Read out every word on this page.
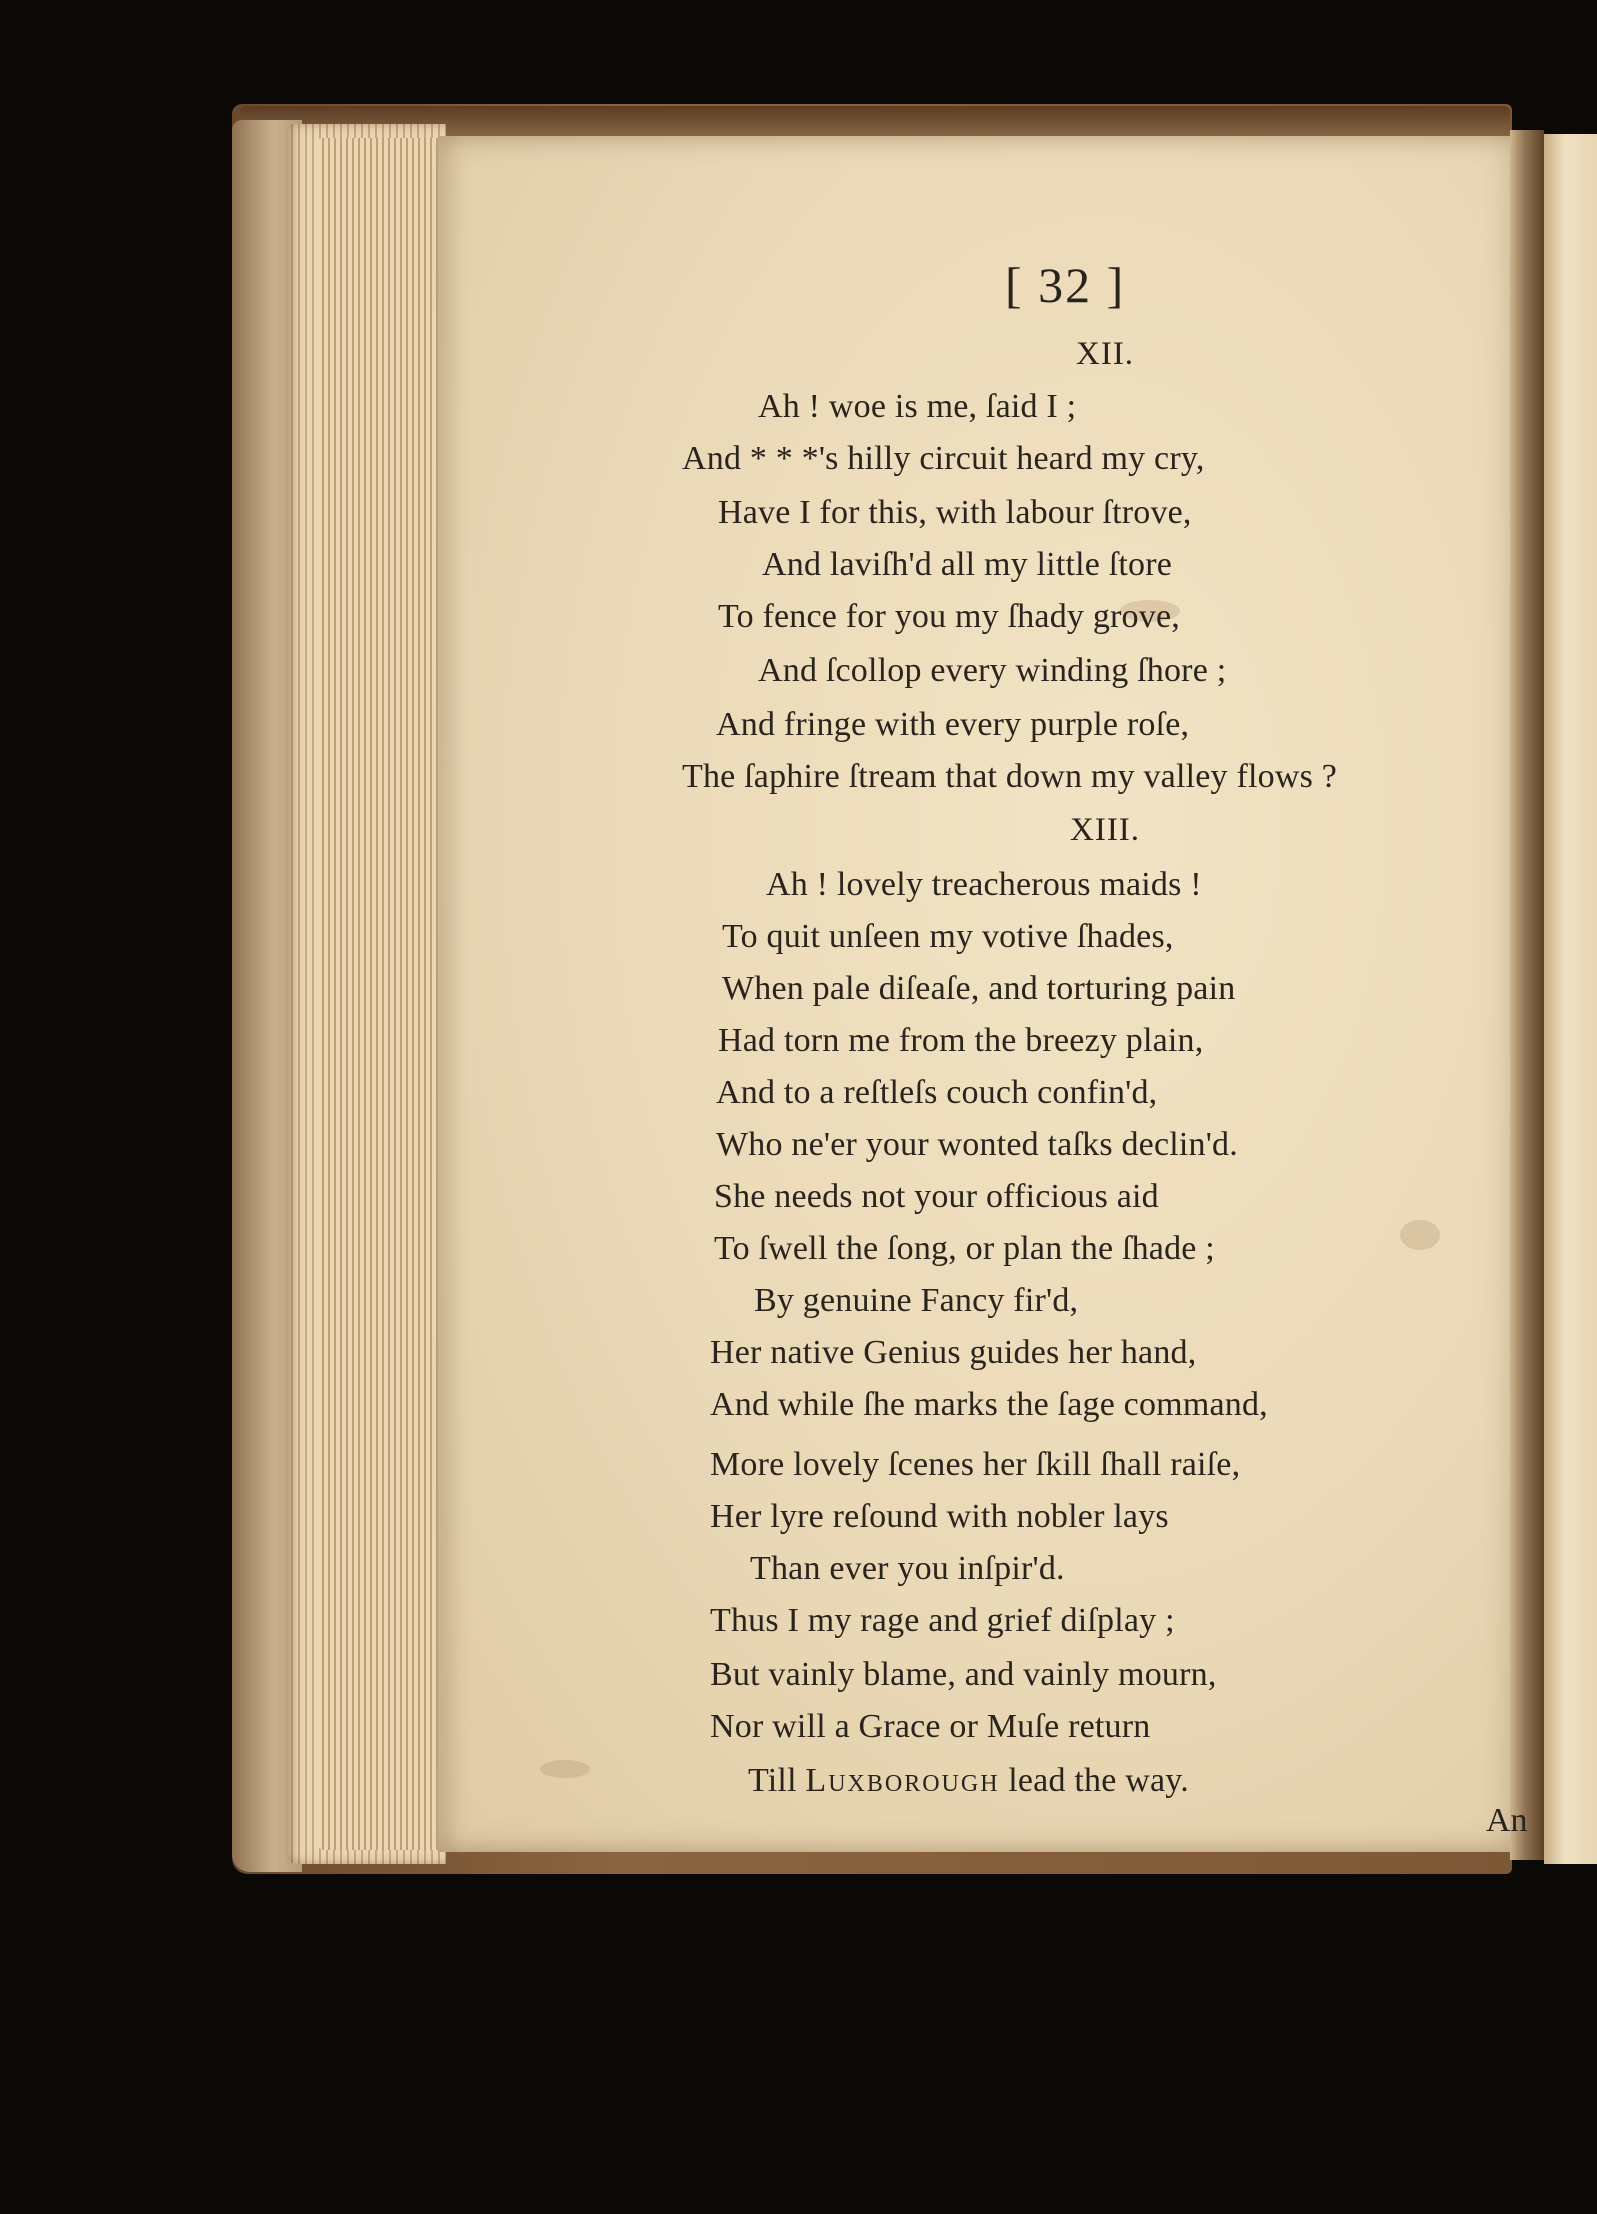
[ 32 ]
XII.
Ah ! woe is me, ſaid I ;
And * * *'s hilly circuit heard my cry,
Have I for this, with labour ſtrove,
And laviſh'd all my little ſtore
To fence for you my ſhady grove,
And ſcollop every winding ſhore ;
And fringe with every purple roſe,
The ſaphire ſtream that down my valley flows ?
XIII.
Ah ! lovely treacherous maids !
To quit unſeen my votive ſhades,
When pale diſeaſe, and torturing pain
Had torn me from the breezy plain,
And to a reſtleſs couch confin'd,
Who ne'er your wonted taſks declin'd.
She needs not your officious aid
To ſwell the ſong, or plan the ſhade ;
By genuine Fancy fir'd,
Her native Genius guides her hand,
And while ſhe marks the ſage command,
More lovely ſcenes her ſkill ſhall raiſe,
Her lyre reſound with nobler lays
Than ever you inſpir'd.
Thus I my rage and grief diſplay ;
But vainly blame, and vainly mourn,
Nor will a Grace or Muſe return
Till Luxborough lead the way.
An
